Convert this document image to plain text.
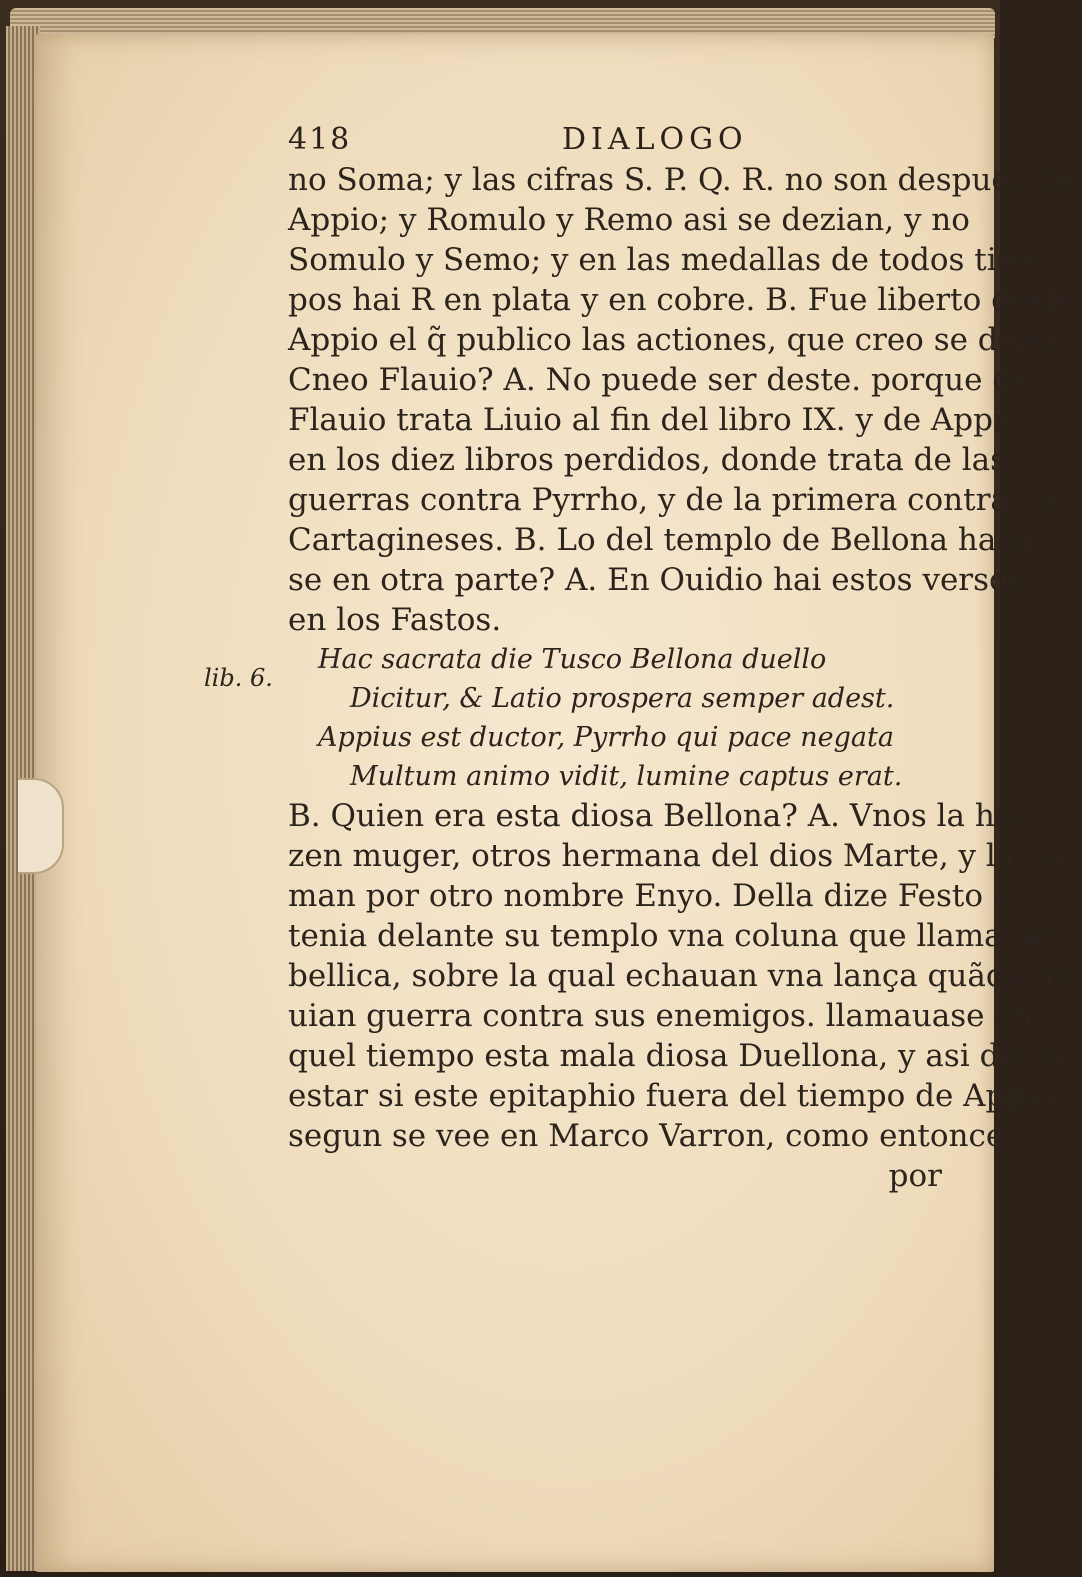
418	DIALOGO
lib. 6.
no Soma; y las cifras S. P. Q. R. no son despues de
Appio; y Romulo y Remo asi se dezian, y no
Somulo y Semo; y en las medallas de todos tiem
pos hai R en plata y en cobre. B. Fue liberto deste
Appio el q̃ publico las actiones, que creo se dezia
Cneo Flauio? A. No puede ser deste. porque de
Flauio trata Liuio al fin del libro IX. y de Appio
en los diez libros perdidos, donde trata de las
guerras contra Pyrrho, y de la primera contra los
Cartagineses. B. Lo del templo de Bellona halla
se en otra parte? A. En Ouidio hai estos versos
en los Fastos.
Hac sacrata die Tusco Bellona duello
Dicitur, & Latio prospera semper adest.
Appius est ductor, Pyrrho qui pace negata
Multum animo vidit, lumine captus erat.
B. Quien era esta diosa Bellona? A. Vnos la ha-
zen muger, otros hermana del dios Marte, y la lla
man por otro nombre Enyo. Della dize Festo q̃
tenia delante su templo vna coluna que llamauan
bellica, sobre la qual echauan vna lança quãdo mo
uian guerra contra sus enemigos. llamauase en a-
quel tiempo esta mala diosa Duellona, y asi deuia
estar si este epitaphio fuera del tiempo de Appio,
segun se vee en Marco Varron, como entonces
por
